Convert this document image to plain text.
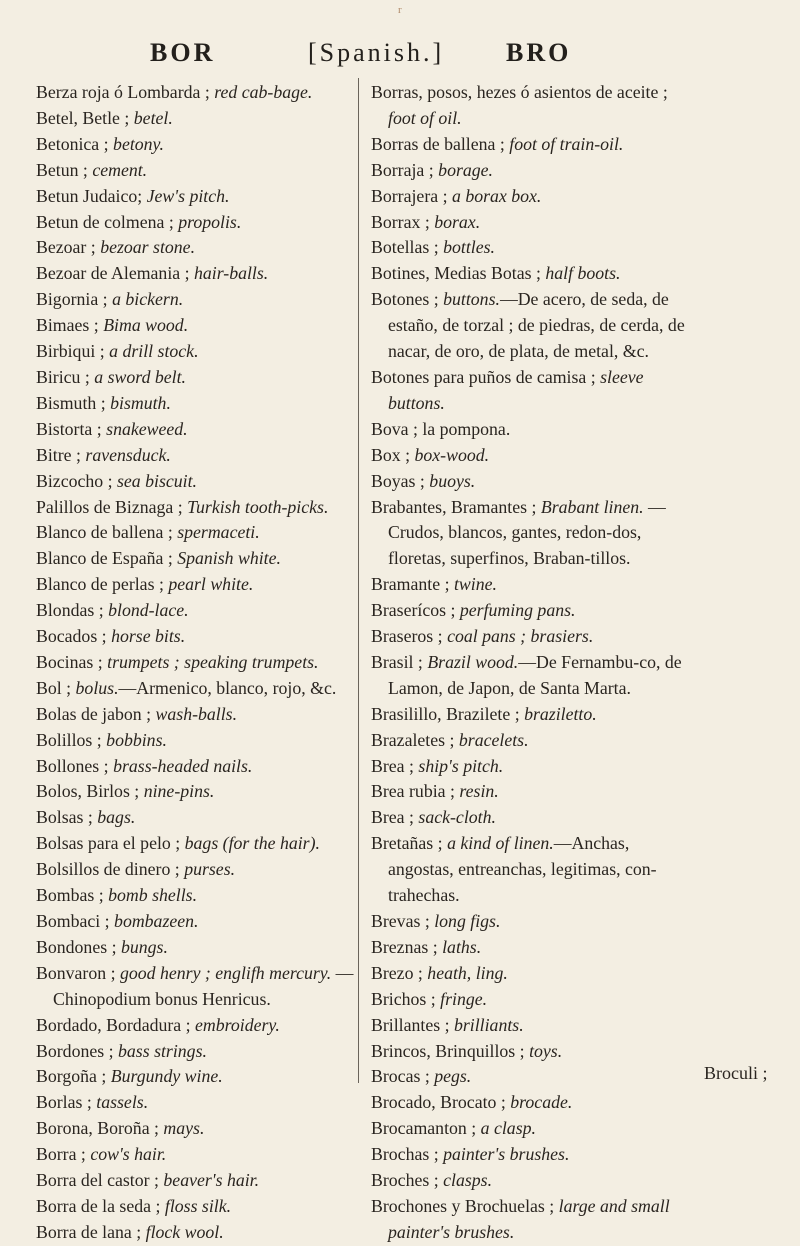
r
BOR	[Spanish.] BRO

Berza roja ó Lombarda ; red cab-bage.

Betel, Betle ; betel.

Betonica ; betony.

Betun ; cement.

Betun Judaico; Jew's pitch.

Betun de colmena ; propolis.

Bezoar ; bezoar stone.

Bezoar de Alemania ; hair-balls.

Bigornia ; a bickern.

Bimaes ; Bima wood.

Birbiqui ; a drill stock.

Biricu ; a sword belt.

Bismuth ; bismuth.

Bistorta ; snakeweed.

Bitre ; ravensduck.

Bizcocho ; sea biscuit.

Palillos de Biznaga ; Turkish tooth-picks.

Blanco de ballena ; spermaceti.

Blanco de España ; Spanish white.

Blanco de perlas ; pearl white.

Blondas ; blond-lace.

Bocados ; horse bits.

Bocinas ; trumpets ; speaking trumpets.

Bol ; bolus.—Armenico, blanco, rojo, &c.

Bolas de jabon ; wash-balls.

Bolillos ; bobbins.

Bollones ; brass-headed nails.

Bolos, Birlos ; nine-pins.

Bolsas ; bags.

Bolsas para el pelo ; bags (for the hair).

Bolsillos de dinero ; purses.

Bombas ; bomb shells.

Bombaci ; bombazeen.

Bondones ; bungs.

Bonvaron ; good henry ; englifh mercury. —Chinopodium bonus Henricus.

Bordado, Bordadura ; embroidery.

Bordones ; bass strings.

Borgoña ; Burgundy wine.

Borlas ; tassels.

Borona, Boroña ; mays.

Borra ; cow's hair.

Borra del castor ; beaver's hair.

Borra de la seda ; floss silk.

Borra de lana ; flock wool.

Borras, posos, hezes ó asientos de aceite ; foot of oil.

Borras de ballena ; foot of train-oil.

Borraja ; borage.

Borrajera ; a borax box.

Borrax ; borax.

Botellas ; bottles.

Botines, Medias Botas ; half boots.

Botones ; buttons.—De acero, de seda, de estaño, de torzal ; de piedras, de cerda, de nacar, de oro, de plata, de metal, &c.

Botones para puños de camisa ; sleeve buttons.

Bova ; la pompona.

Box ; box-wood.

Boyas ; buoys.

Brabantes, Bramantes ; Brabant linen. —Crudos, blancos, gantes, redon-dos, floretas, superfinos, Braban-tillos.

Bramante ; twine.

Braserícos ; perfuming pans.

Braseros ; coal pans ; brasiers.

Brasil ; Brazil wood.—De Fernambu-co, de Lamon, de Japon, de Santa Marta.

Brasilillo, Brazilete ; braziletto.

Brazaletes ; bracelets.

Brea ; ship's pitch.

Brea rubia ; resin.

Brea ; sack-cloth.

Bretañas ; a kind of linen.—Anchas, angostas, entreanchas, legitimas, con-trahechas.

Brevas ; long figs.

Breznas ; laths.

Brezo ; heath, ling.

Brichos ; fringe.

Brillantes ; brilliants.

Brincos, Brinquillos ; toys.

Brocas ; pegs.

Brocado, Brocato ; brocade.

Brocamanton ; a clasp.

Brochas ; painter's brushes.

Broches ; clasps.

Brochones y Brochuelas ; large and small painter's brushes.

Broculi ;
